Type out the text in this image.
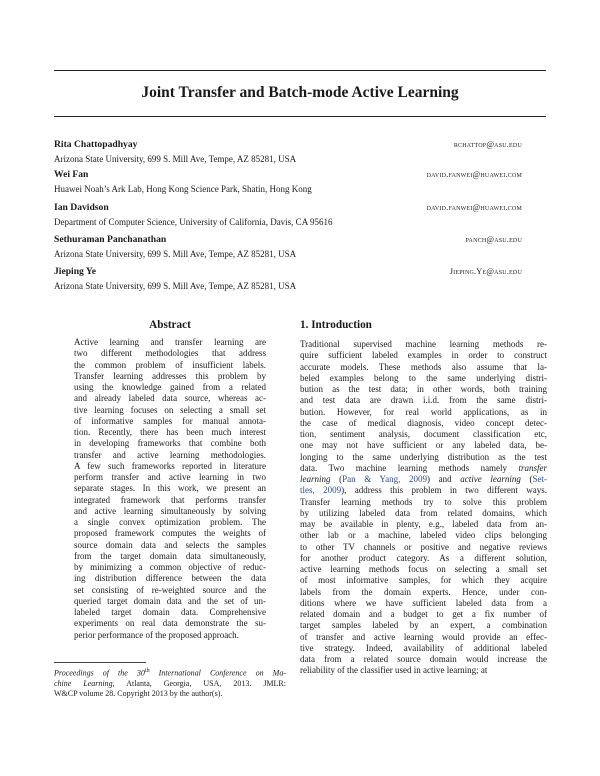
Joint Transfer and Batch-mode Active Learning
Rita Chattopadhyay	rchattop@asu.edu
Arizona State University, 699 S. Mill Ave, Tempe, AZ 85281, USA
Wei Fan	david.fanwei@huawei.com
Huawei Noah’s Ark Lab, Hong Kong Science Park, Shatin, Hong Kong
Ian Davidson	david.fanwei@huawei.com
Department of Computer Science, University of California, Davis, CA 95616
Sethuraman Panchanathan	panch@asu.edu
Arizona State University, 699 S. Mill Ave, Tempe, AZ 85281, USA
Jieping Ye	Jieping.Ye@asu.edu
Arizona State University, 699 S. Mill Ave, Tempe, AZ 85281, USA
Abstract
Active learning and transfer learning are
two different methodologies that address
the common problem of insufficient labels.
Transfer learning addresses this problem by
using the knowledge gained from a related
and already labeled data source, whereas ac-
tive learning focuses on selecting a small set
of informative samples for manual annota-
tion. Recently, there has been much interest
in developing frameworks that combine both
transfer and active learning methodologies.
A few such frameworks reported in literature
perform transfer and active learning in two
separate stages. In this work, we present an
integrated framework that performs transfer
and active learning simultaneously by solving
a single convex optimization problem. The
proposed framework computes the weights of
source domain data and selects the samples
from the target domain data simultaneously,
by minimizing a common objective of reduc-
ing distribution difference between the data
set consisting of re-weighted source and the
queried target domain data and the set of un-
labeled target domain data. Comprehensive
experiments on real data demonstrate the su-
perior performance of the proposed approach.
1. Introduction
Traditional supervised machine learning methods re-
quire sufficient labeled examples in order to construct
accurate models. These methods also assume that la-
beled examples belong to the same underlying distri-
bution as the test data; in other words, both training
and test data are drawn i.i.d. from the same distri-
bution. However, for real world applications, as in
the case of medical diagnosis, video concept detec-
tion, sentiment analysis, document classification etc,
one may not have sufficient or any labeled data, be-
longing to the same underlying distribution as the test
data. Two machine learning methods namely transfer
learning (Pan & Yang, 2009) and active learning (Set-
tles, 2009), address this problem in two different ways.
Transfer learning methods try to solve this problem
by utilizing labeled data from related domains, which
may be available in plenty, e.g., labeled data from an-
other lab or a machine, labeled video clips belonging
to other TV channels or positive and negative reviews
for another product category. As a different solution,
active learning methods focus on selecting a small set
of most informative samples, for which they acquire
labels from the domain experts. Hence, under con-
ditions where we have sufficient labeled data from a
related domain and a budget to get a fix number of
target samples labeled by an expert, a combination
of transfer and active learning would provide an effec-
tive strategy. Indeed, availability of additional labeled
data from a related source domain would increase the
reliability of the classifier used in active learning; at
Proceedings of the 30th International Conference on Ma-
chine Learning, Atlanta, Georgia, USA, 2013. JMLR:
W&CP volume 28. Copyright 2013 by the author(s).
